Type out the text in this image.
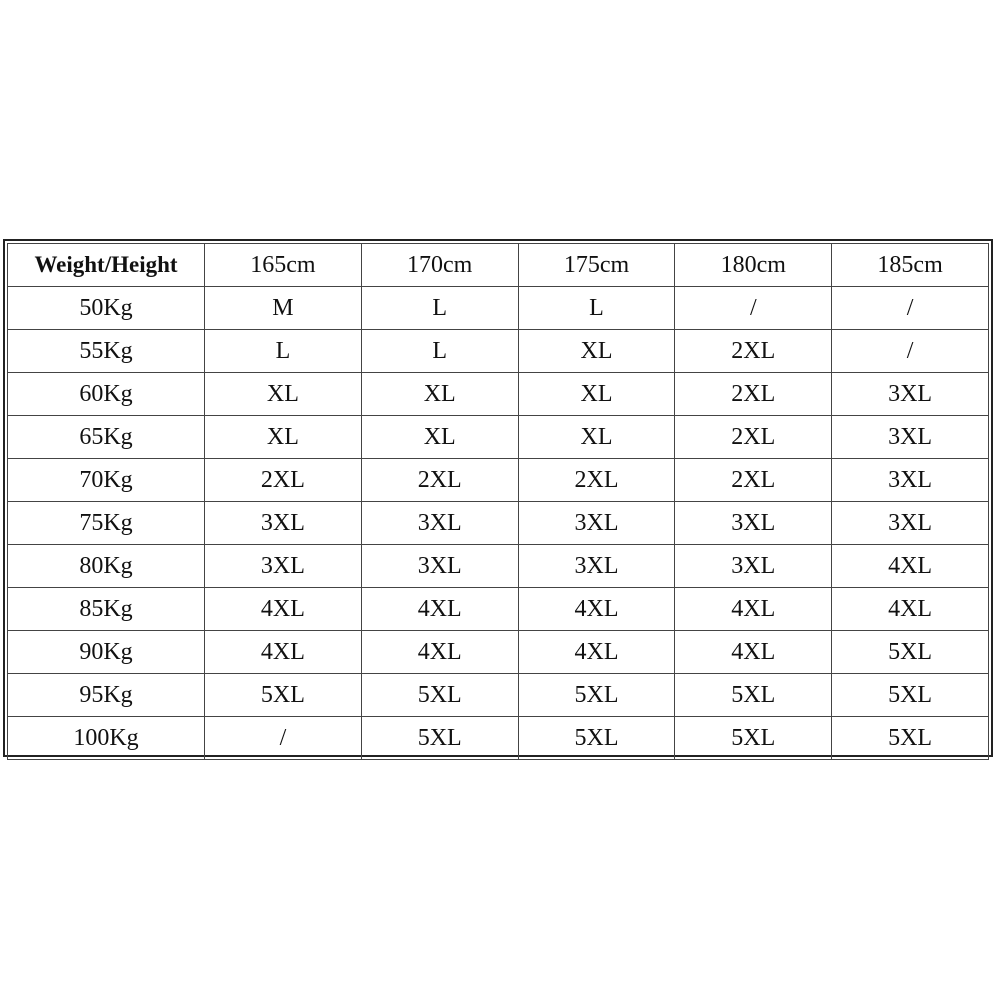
Weight/Height	165cm	170cm	175cm	180cm	185cm
50Kg	M	L	L	/	/
55Kg	L	L	XL	2XL	/
60Kg	XL	XL	XL	2XL	3XL
65Kg	XL	XL	XL	2XL	3XL
70Kg	2XL	2XL	2XL	2XL	3XL
75Kg	3XL	3XL	3XL	3XL	3XL
80Kg	3XL	3XL	3XL	3XL	4XL
85Kg	4XL	4XL	4XL	4XL	4XL
90Kg	4XL	4XL	4XL	4XL	5XL
95Kg	5XL	5XL	5XL	5XL	5XL
100Kg	/	5XL	5XL	5XL	5XL
